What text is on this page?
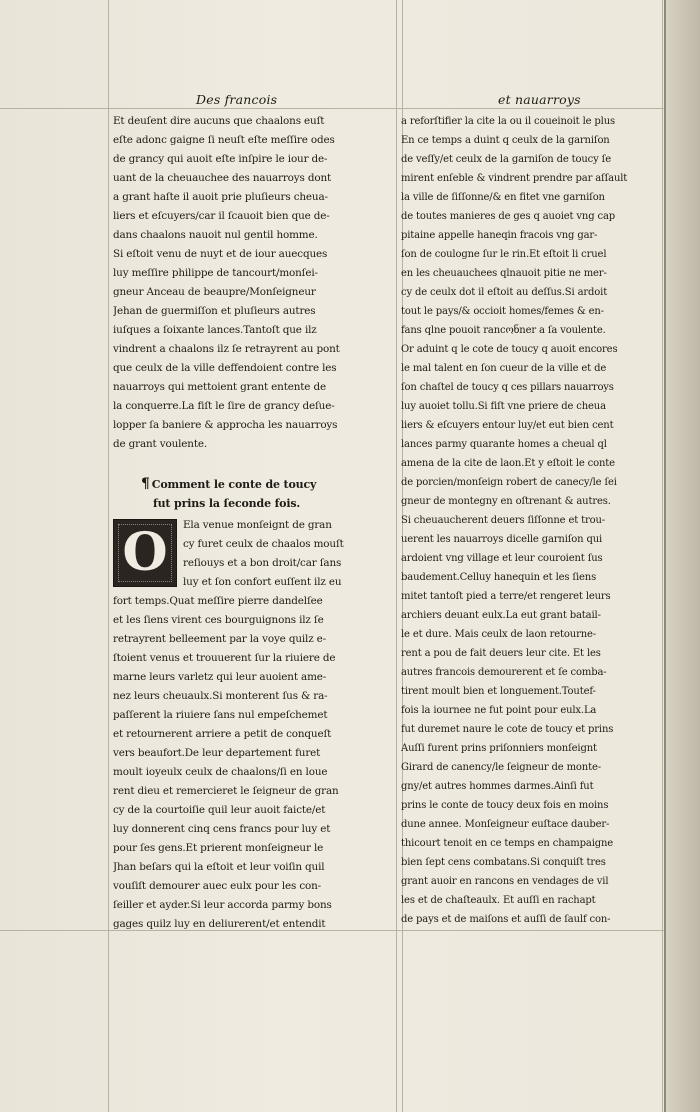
Des francois	et nauarroys
Et deuſent dire aucuns que chaalons euſt
eſte adonc gaigne ſi neuſt eſte meſſire odes
de grancy qui auoit eſte inſpire le iour de-
uant de la cheuauchee des nauarroys dont
a grant haſte il auoit prie pluſieurs cheua-
liers et eſcuyers/car il ſcauoit bien que de-
dans chaalons nauoit nul gentil homme.
Si eſtoit venu de nuyt et de iour auecques
luy meſſire philippe de tancourt/monſei-
gneur Anceau de beaupre/Monſeigneur
Jehan de guermiſſon et pluſieurs autres
iuſques a ſoixante lances.Tantoſt que ilz
vindrent a chaalons ilz ſe retrayrent au pont
que ceulx de la ville deffendoient contre les
nauarroys qui mettoient grant entente de
la conquerre.La fiſt le ſire de grancy deſue-
lopper ſa baniere & approcha les nauarroys
de grant voulente.
¶ Comment le conte de toucy
fut prins la ſeconde fois.
O	Ela venue monſeignt de gran
cy furet ceulx de chaalos mouſt
reſiouys et a bon droit/car ſans
luy et ſon confort euſſent ilz eu
fort temps.Quat meſſire pierre dandelſee
et les ſiens virent ces bourguignons ilz ſe
retrayrent belleement par la voye quilz e-
ſtoient venus et trouuerent ſur la riuiere de
marne leurs varletz qui leur auoient ame-
nez leurs cheuaulx.Si monterent ſus & ra-
paſſerent la riuiere ſans nul empeſchemet
et retournerent arriere a petit de conqueſt
vers beaufort.De leur departement furet
moult ioyeulx ceulx de chaalons/ſi en loue
rent dieu et remercieret le ſeigneur de gran
cy de la courtoiſie quil leur auoit faicte/et
luy donnerent cinq cens francs pour luy et
pour ſes gens.Et prierent monſeigneur le
Jhan beſars qui la eſtoit et leur voiſin quil
vouſiſt demourer auec eulx pour les con-
ſeiller et ayder.Si leur accorda parmy bons
gages quilz luy en deliurerent/et entendit
a reforſtifier la cite la ou il coueinoit le plus
En ce temps a duint q ceulx de la garniſon
de veſſy/et ceulx de la garniſon de toucy ſe
mirent enſeble & vindrent prendre par aſſault
la ville de ſiſſonne/& en fitet vne garniſon
de toutes manieres de ges q auoiet vng cap
pitaine appelle haneqin fracois vng gar-
ſon de coulogne ſur le rin.Et eſtoit li cruel
en les cheuauchees qlnauoit pitie ne mer-
cy de ceulx dot il eſtoit au deſſus.Si ardoit
tout le pays/& occioit homes/femes & en-
fans qlne pouoit rancონner a ſa voulente.
Or aduint q le cote de toucy q auoit encores
le mal talent en ſon cueur de la ville et de
ſon chaſtel de toucy q ces pillars nauarroys
luy auoiet tollu.Si fiſt vne priere de cheua
liers & eſcuyers entour luy/et eut bien cent
lances parmy quarante homes a cheual ql
amena de la cite de laon.Et y eſtoit le conte
de porcien/monſeign robert de canecy/le ſei
gneur de montegny en oſtrenant & autres.
Si cheuaucherent deuers ſiſſonne et trou-
uerent les nauarroys dicelle garniſon qui
ardoient vng village et leur couroient ſus
baudement.Celluy hanequin et les ſiens
mitet tantoſt pied a terre/et rengeret leurs
archiers deuant eulx.La eut grant batail-
le et dure. Mais ceulx de laon retourne-
rent a pou de fait deuers leur cite. Et les
autres francois demourerent et ſe comba-
tirent moult bien et longuement.Toutef-
fois la iournee ne fut point pour eulx.La
fut duremet naure le cote de toucy et prins
Auſſi furent prins priſonniers monſeignt
Girard de canency/le ſeigneur de monte-
gny/et autres hommes darmes.Ainſi fut
prins le conte de toucy deux fois en moins
dune annee. Monſeigneur euſtace dauber-
thicourt tenoit en ce temps en champaigne
bien ſept cens combatans.Si conquiſt tres
grant auoir en rancons en vendages de vil
les et de chaſteaulx. Et auſſi en rachapt
de pays et de maiſons et auſſi de ſaulf con-
